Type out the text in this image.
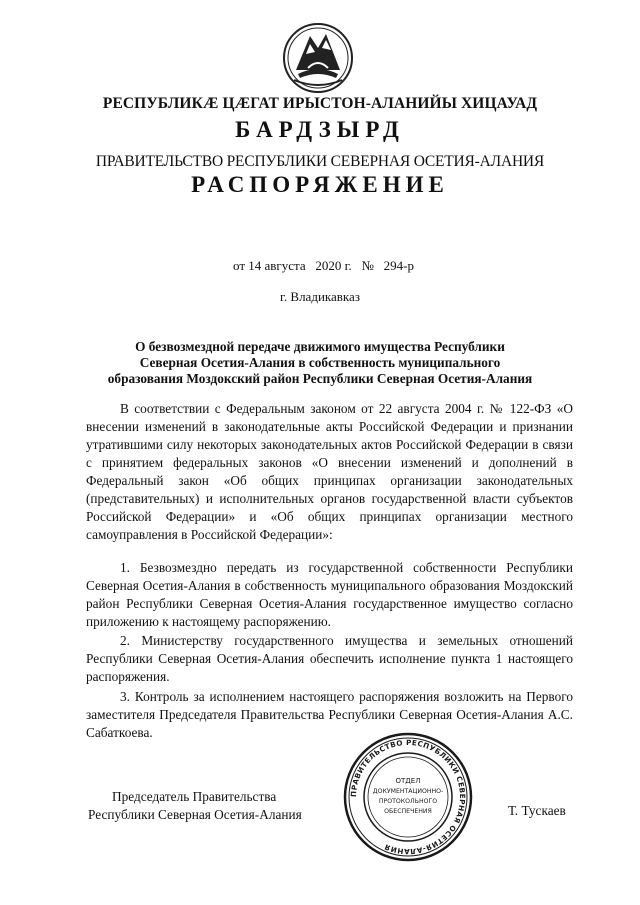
РЕСПУБЛИКӔ ЦӔГАТ ИРЫСТОН-АЛАНИЙЫ ХИЦАУАД
БАРДЗЫРД
ПРАВИТЕЛЬСТВО РЕСПУБЛИКИ СЕВЕРНАЯ ОСЕТИЯ-АЛАНИЯ
РАСПОРЯЖЕНИЕ
от 14 августа 2020 г. № 294-р
г. Владикавказ
О безвозмездной передаче движимого имущества Республики Северная Осетия-Алания в собственность муниципального образования Моздокский район Республики Северная Осетия-Алания

В соответствии с Федеральным законом от 22 августа 2004 г. № 122-ФЗ «О внесении изменений в законодательные акты Российской Федерации и признании утратившими силу некоторых законодательных актов Российской Федерации в связи с принятием федеральных законов «О внесении изменений и дополнений в Федеральный закон «Об общих принципах организации законодательных (представительных) и исполнительных органов государственной власти субъектов Российской Федерации» и «Об общих принципах организации местного самоуправления в Российской Федерации»:

1. Безвозмездно передать из государственной собственности Республики Северная Осетия-Алания в собственность муниципального образования Моздокский район Республики Северная Осетия-Алания государственное имущество согласно приложению к настоящему распоряжению.

2. Министерству государственного имущества и земельных отношений Республики Северная Осетия-Алания обеспечить исполнение пункта 1 настоящего распоряжения.

3. Контроль за исполнением настоящего распоряжения возложить на Первого заместителя Председателя Правительства Республики Северная Осетия-Алания А.С. Сабаткоева.

Председатель Правительства
Республики Северная Осетия-Алания	Т. Тускаев
ПРАВИТЕЛЬСТВО РЕСПУБЛИКИ СЕВЕРНАЯ ОСЕТИЯ-АЛАНИЯ
ОТДЕЛ
ДОКУМЕНТАЦИОННО-
ПРОТОКОЛЬНОГО
ОБЕСПЕЧЕНИЯ
